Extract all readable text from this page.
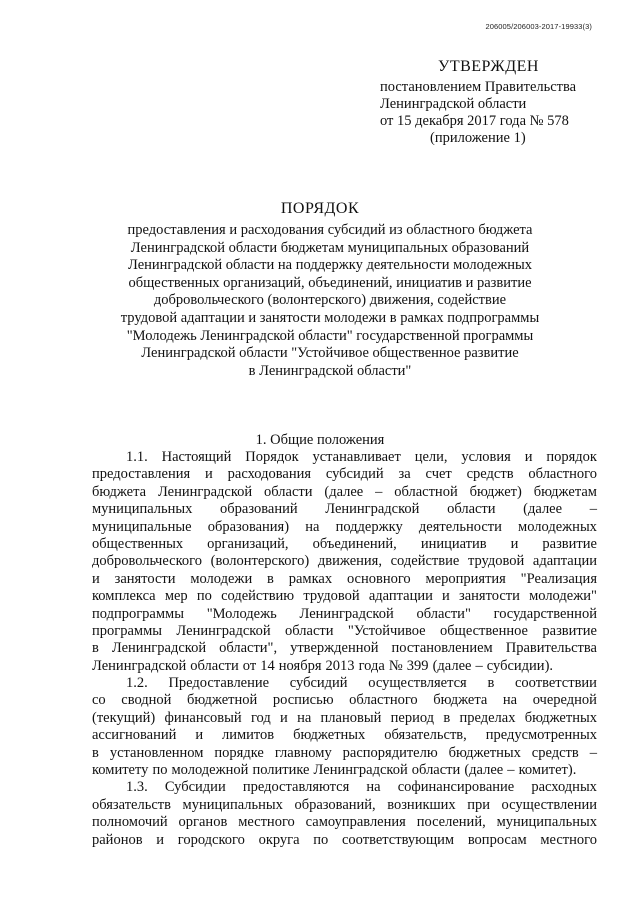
206005/206003-2017-19933(3)
УТВЕРЖДЕН
постановлением Правительства
Ленинградской области
от 15 декабря 2017 года № 578
(приложение 1)
ПОРЯДОК
предоставления и расходования субсидий из областного бюджета
Ленинградской области бюджетам муниципальных образований
Ленинградской области на поддержку деятельности молодежных
общественных организаций, объединений, инициатив и развитие
добровольческого (волонтерского) движения, содействие
трудовой адаптации и занятости молодежи в рамках подпрограммы
"Молодежь Ленинградской области" государственной программы
Ленинградской области "Устойчивое общественное развитие
в Ленинградской области"
1. Общие положения
1.1. Настоящий Порядок устанавливает цели, условия и порядок
предоставления и расходования субсидий за счет средств областного
бюджета Ленинградской области (далее – областной бюджет) бюджетам
муниципальных образований Ленинградской области (далее –
муниципальные образования) на поддержку деятельности молодежных
общественных организаций, объединений, инициатив и развитие
добровольческого (волонтерского) движения, содействие трудовой адаптации
и занятости молодежи в рамках основного мероприятия "Реализация
комплекса мер по содействию трудовой адаптации и занятости молодежи"
подпрограммы "Молодежь Ленинградской области" государственной
программы Ленинградской области "Устойчивое общественное развитие
в Ленинградской области", утвержденной постановлением Правительства
Ленинградской области от 14 ноября 2013 года № 399 (далее – субсидии).
1.2. Предоставление субсидий осуществляется в соответствии
со сводной бюджетной росписью областного бюджета на очередной
(текущий) финансовый год и на плановый период в пределах бюджетных
ассигнований и лимитов бюджетных обязательств, предусмотренных
в установленном порядке главному распорядителю бюджетных средств –
комитету по молодежной политике Ленинградской области (далее – комитет).
1.3. Субсидии предоставляются на софинансирование расходных
обязательств муниципальных образований, возникших при осуществлении
полномочий органов местного самоуправления поселений, муниципальных
районов и городского округа по соответствующим вопросам местного
